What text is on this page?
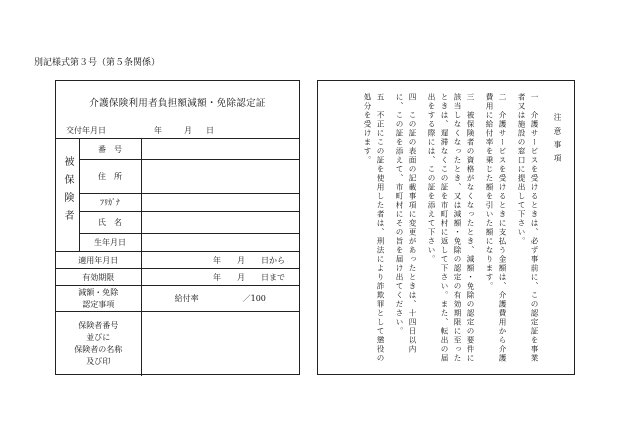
別記様式第３号（第５条関係）
介護保険利用者負担額減額・免除認定証
交付年月日	年	月 日
被保険者	番　号	
	住　所	
	ﾌﾘｶﾞﾅ	
	氏　名	
	生年月日	
適用年月日		年　　月　　日から
有効期限		年　　月　　日まで

減額・免除
認定事項		給付率 ／100

保険者番号
並びに
保険者の名称
及び印		

注意事項
一　介護サービスを受けるときは、必ず事前に、この認定証を事業者又は施設の窓口に提出して下さい。
二　介護サービスを受けるときに支払う金額は、介護費用から介護費用に給付率を乗じた額を引いた額になります。
三　被保険者の資格がなくなったとき、減額・免除の認定の要件に該当しなくなったとき、又は減額・免除の認定の有効期限に至ったときは、遅滞なくこの証を市町村に返して下さい。また、転出の届出をする際には、この証を添えて下さい。
四　この証の表面の記載事項に変更があったときは、十四日以内に、この証を添えて、市町村にその旨を届け出てください。
五　不正にこの証を使用した者は、刑法により詐欺罪として懲役の処分を受けます。
